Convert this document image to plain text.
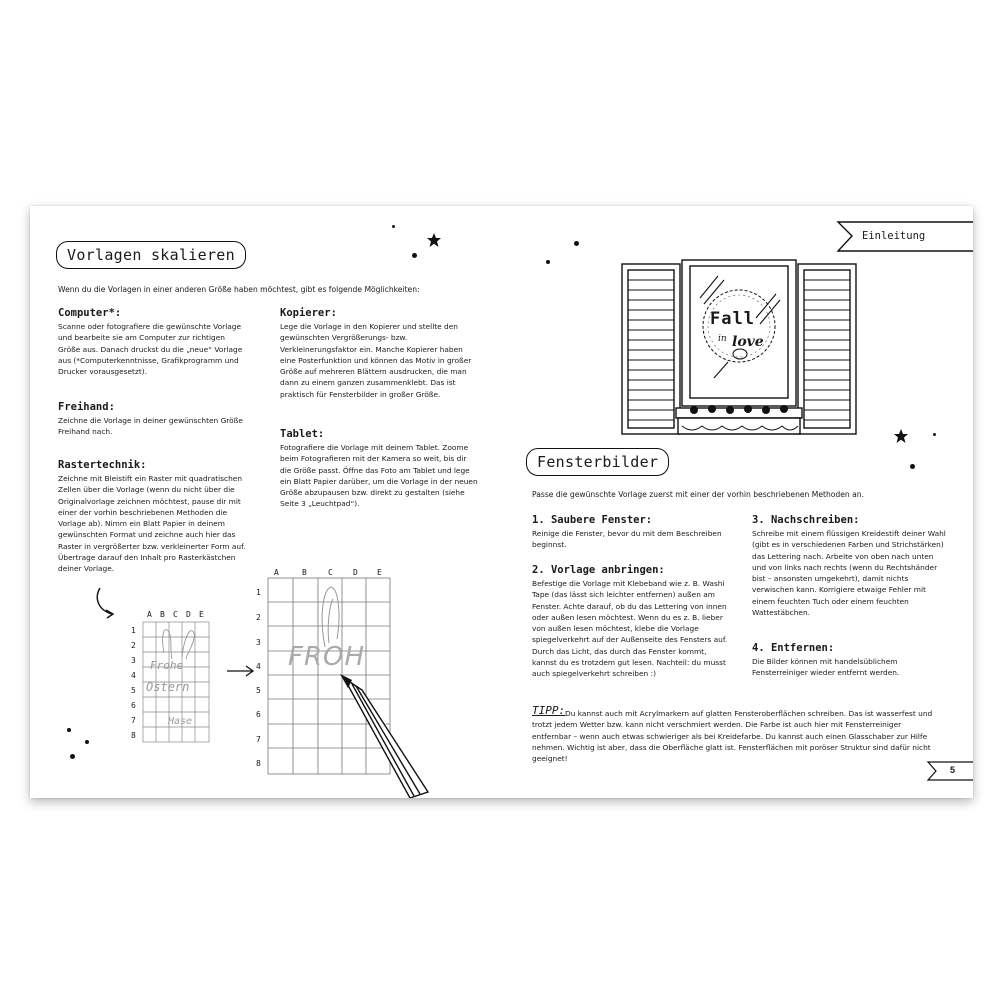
Vorlagen skalieren
Wenn du die Vorlagen in einer anderen Größe haben möchtest, gibt es folgende Möglichkeiten:
Computer*:
Scanne oder fotografiere die gewünschte Vorlage und bearbeite sie am Computer zur richtigen Größe aus. Danach druckst du die „neue“ Vorlage aus (*Computerkenntnisse, Grafikprogramm und Drucker vorausgesetzt).
Freihand:
Zeichne die Vorlage in deiner gewünschten Größe Freihand nach.
Rastertechnik:
Zeichne mit Bleistift ein Raster mit quadratischen Zellen über die Vorlage (wenn du nicht über die Originalvorlage zeichnen möchtest, pause dir mit einer der vorhin beschriebenen Methoden die Vorlage ab). Nimm ein Blatt Papier in deinem gewünschten Format und zeichne auch hier das Raster in vergrößerter bzw. verkleinerter Form auf. Übertrage darauf den Inhalt pro Rasterkästchen deiner Vorlage.
Kopierer:
Lege die Vorlage in den Kopierer und stellte den gewünschten Vergrößerungs- bzw. Verkleinerungsfaktor ein. Manche Kopierer haben eine Posterfunktion und können das Motiv in großer Größe auf mehreren Blättern ausdrucken, die man dann zu einem ganzen zusammenklebt. Das ist praktisch für Fensterbilder in großer Größe.
Tablet:
Fotografiere die Vorlage mit deinem Tablet. Zoome beim Fotografieren mit der Kamera so weit, bis dir die Größe passt. Öffne das Foto am Tablet und lege ein Blatt Papier darüber, um die Vorlage in der neuen Größe abzupausen bzw. direkt zu gestalten (siehe Seite 3 „Leuchtpad“).
A B C D E
1
2
3
4
5
6
7
8
Frohe
Ostern
Hase
A	B	C	D E
1
2
3
4
5
6
7
8
FROH
Einleitung
Fall
in love
Fensterbilder
Passe die gewünschte Vorlage zuerst mit einer der vorhin beschriebenen Methoden an.
1. Saubere Fenster:
Reinige die Fenster, bevor du mit dem Beschreiben beginnst.
2. Vorlage anbringen:
Befestige die Vorlage mit Klebeband wie z. B. Washi Tape (das lässt sich leichter entfernen) außen am Fenster. Achte darauf, ob du das Lettering von innen oder außen lesen möchtest. Wenn du es z. B. lieber von außen lesen möchtest, klebe die Vorlage spiegelverkehrt auf der Außenseite des Fensters auf. Durch das Licht, das durch das Fenster kommt, kannst du es trotzdem gut lesen. Nachteil: du musst auch spiegelverkehrt schreiben :)
3. Nachschreiben:
Schreibe mit einem flüssigen Kreidestift deiner Wahl (gibt es in verschiedenen Farben und Strichstärken) das Lettering nach. Arbeite von oben nach unten und von links nach rechts (wenn du Rechtshänder bist – ansonsten umgekehrt), damit nichts verwischen kann. Korrigiere etwaige Fehler mit einem feuchten Tuch oder einem feuchten Wattestäbchen.
4. Entfernen:
Die Bilder können mit handelsüblichem Fensterreiniger wieder entfernt werden.
TIPP: Du kannst auch mit Acrylmarkern auf glatten Fensteroberflächen schreiben. Das ist wasserfest und trotzt jedem Wetter bzw. kann nicht verschmiert werden. Die Farbe ist auch hier mit Fensterreiniger entfernbar – wenn auch etwas schwieriger als bei Kreidefarbe. Du kannst auch einen Glasschaber zur Hilfe nehmen. Wichtig ist aber, dass die Oberfläche glatt ist. Fensterflächen mit poröser Struktur sind dafür nicht geeignet!
5
